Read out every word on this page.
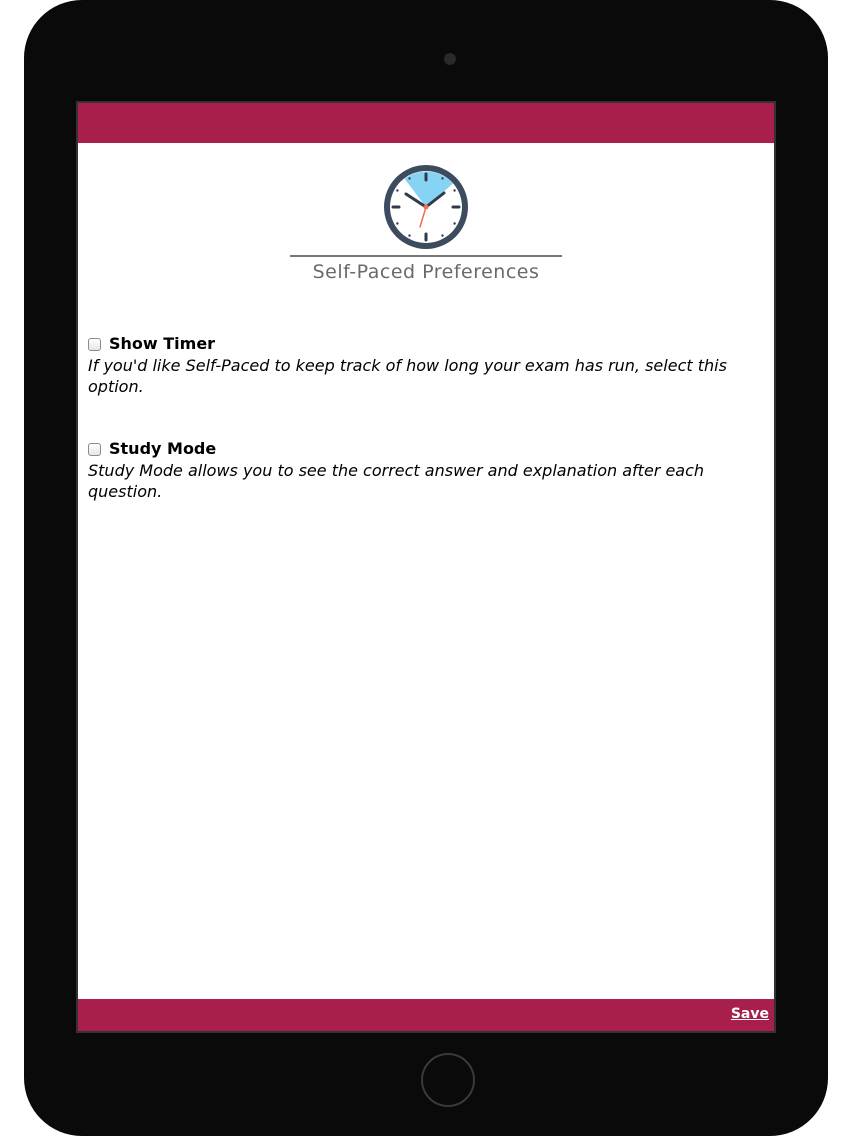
Self-Paced Preferences
Show Timer
If you'd like Self-Paced to keep track of how long your exam has run, select this option.
Study Mode
Study Mode allows you to see the correct answer and explanation after each question.
Save
